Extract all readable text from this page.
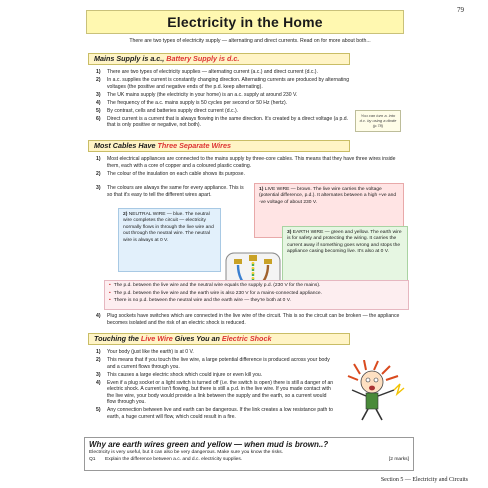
79
Electricity in the Home
There are two types of electricity supply — alternating and direct currents. Read on for more about both...
Mains Supply is a.c., Battery Supply is d.c.
1)	There are two types of electricity supplies — alternating current (a.c.) and direct current (d.c.).
2)	In a.c. supplies the current is constantly changing direction. Alternating currents are produced by alternating voltages (the positive and negative ends of the p.d. keep alternating).
3)	The UK mains supply (the electricity in your home) is an a.c. supply at around 230 V.
4)	The frequency of the a.c. mains supply is 50 cycles per second or 50 Hz (hertz).
5)	By contrast, cells and batteries supply direct current (d.c.).
6)	Direct current is a current that is always flowing in the same direction. It's created by a direct voltage (a p.d. that is only positive or negative, not both).
You can turn a. into d.c. by using a diode (p.78)
Most Cables Have Three Separate Wires
1)	Most electrical appliances are connected to the mains supply by three-core cables. This means that they have three wires inside them, each with a core of copper and a coloured plastic coating.
2)	The colour of the insulation on each cable shows its purpose.
3)	The colours are always the same for every appliance. This is so that it's easy to tell the different wires apart.
1) LIVE WIRE — brown. The live wire carries the voltage (potential difference, p.d.). It alternates between a high +ve and -ve voltage of about 230 V.
2) NEUTRAL WIRE — blue. The neutral wire completes the circuit — electricity normally flows in through the live wire and out through the neutral wire. The neutral wire is always at 0 V.
3) EARTH WIRE — green and yellow. The earth wire is for safety and protecting the wiring. It carries the current away if something goes wrong and stops the appliance casing becoming live. It's also at 0 V.
• The p.d. between the live wire and the neutral wire equals the supply p.d. (230 V for the mains).
• The p.d. between the live wire and the earth wire is also 230 V for a mains-connected appliance.
• There is no p.d. between the neutral wire and the earth wire — they're both at 0 V.
4)	Plug sockets have switches which are connected in the live wire of the circuit. This is so the circuit can be broken — the appliance becomes isolated and the risk of an electric shock is reduced.
Touching the Live Wire Gives You an Electric Shock
1)	Your body (just like the earth) is at 0 V.
2)	This means that if you touch the live wire, a large potential difference is produced across your body and a current flows through you.
3)	This causes a large electric shock which could injure or even kill you.
4)	Even if a plug socket or a light switch is turned off (i.e. the switch is open) there is still a danger of an electric shock. A current isn't flowing, but there is still a p.d. in the live wire. If you made contact with the live wire, your body would provide a link between the supply and the earth, so a current would flow through you.
5)	Any connection between live and earth can be dangerous. If the link creates a low resistance path to earth, a huge current will flow, which could result in a fire.
Why are earth wires green and yellow — when mud is brown..?
Electricity is very useful, but it can also be very dangerous. Make sure you know the risks.
Q1	Explain the difference between a.c. and d.c. electricity supplies.	[2 marks]
Section 5 — Electricity and Circuits
